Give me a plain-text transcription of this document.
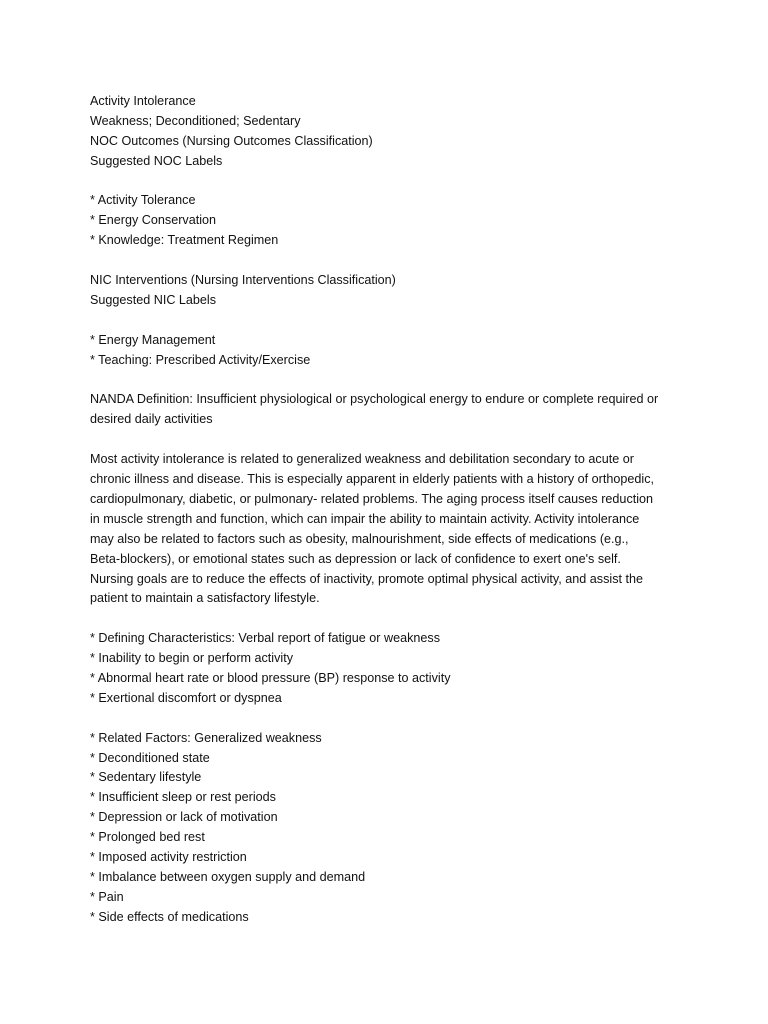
Activity Intolerance
Weakness; Deconditioned; Sedentary
NOC Outcomes (Nursing Outcomes Classification)
Suggested NOC Labels
* Activity Tolerance
* Energy Conservation
* Knowledge: Treatment Regimen
NIC Interventions (Nursing Interventions Classification)
Suggested NIC Labels
* Energy Management
* Teaching: Prescribed Activity/Exercise
NANDA Definition: Insufficient physiological or psychological energy to endure or complete required or desired daily activities
Most activity intolerance is related to generalized weakness and debilitation secondary to acute or chronic illness and disease. This is especially apparent in elderly patients with a history of orthopedic, cardiopulmonary, diabetic, or pulmonary- related problems. The aging process itself causes reduction in muscle strength and function, which can impair the ability to maintain activity. Activity intolerance may also be related to factors such as obesity, malnourishment, side effects of medications (e.g., Beta-blockers), or emotional states such as depression or lack of confidence to exert one's self. Nursing goals are to reduce the effects of inactivity, promote optimal physical activity, and assist the patient to maintain a satisfactory lifestyle.
* Defining Characteristics: Verbal report of fatigue or weakness
* Inability to begin or perform activity
* Abnormal heart rate or blood pressure (BP) response to activity
* Exertional discomfort or dyspnea
* Related Factors: Generalized weakness
* Deconditioned state
* Sedentary lifestyle
* Insufficient sleep or rest periods
* Depression or lack of motivation
* Prolonged bed rest
* Imposed activity restriction
* Imbalance between oxygen supply and demand
* Pain
* Side effects of medications
